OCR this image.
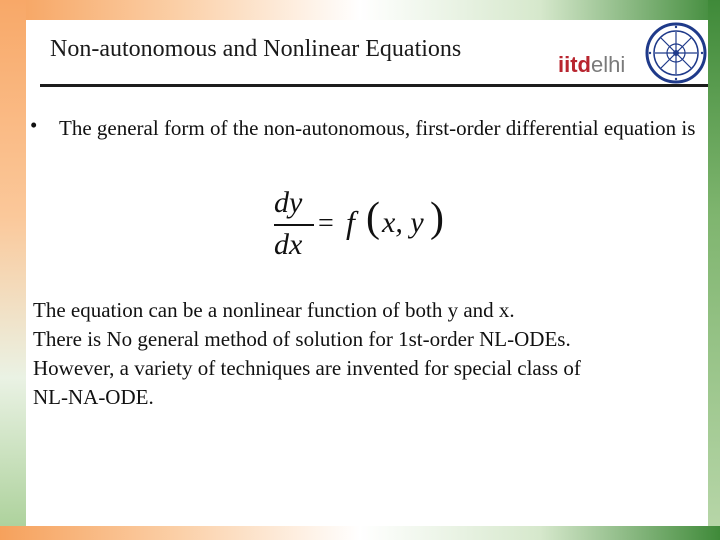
Non-autonomous and Nonlinear Equations
iitdelhi
• The general form of the non-autonomous, first-order differential equation is
dy
dx
= f ( x, y )

The equation can be a nonlinear function of both y and x.

There is No general method of solution for 1st-order NL-ODEs.

However, a variety of techniques are invented for special class of

NL-NA-ODE.
